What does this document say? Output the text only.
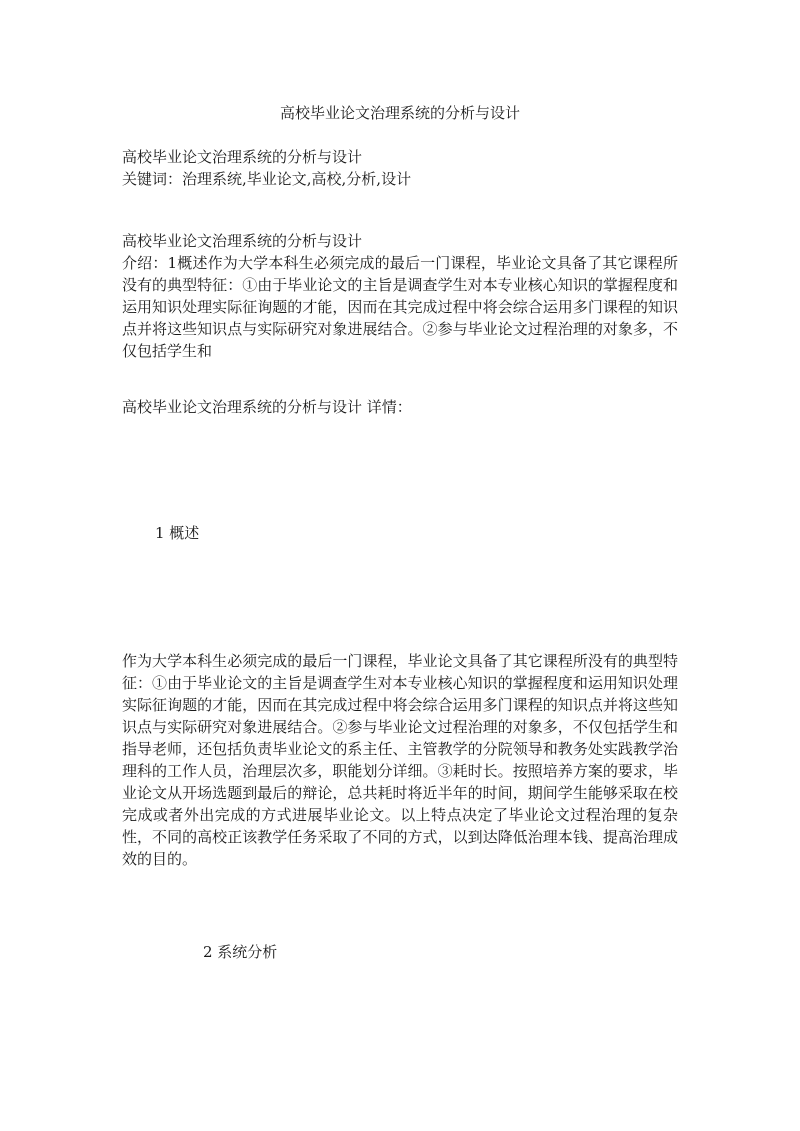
高校毕业论文治理系统的分析与设计
高校毕业论文治理系统的分析与设计
关键词：治理系统,毕业论文,高校,分析,设计
高校毕业论文治理系统的分析与设计
介绍：1概述作为大学本科生必须完成的最后一门课程，毕业论文具备了其它课程所没有的典型特征：①由于毕业论文的主旨是调查学生对本专业核心知识的掌握程度和运用知识处理实际征询题的才能，因而在其完成过程中将会综合运用多门课程的知识点并将这些知识点与实际研究对象进展结合。②参与毕业论文过程治理的对象多，不仅包括学生和
高校毕业论文治理系统的分析与设计 详情：
1 概述
作为大学本科生必须完成的最后一门课程，毕业论文具备了其它课程所没有的典型特征：①由于毕业论文的主旨是调查学生对本专业核心知识的掌握程度和运用知识处理实际征询题的才能，因而在其完成过程中将会综合运用多门课程的知识点并将这些知识点与实际研究对象进展结合。②参与毕业论文过程治理的对象多，不仅包括学生和指导老师，还包括负责毕业论文的系主任、主管教学的分院领导和教务处实践教学治理科的工作人员，治理层次多，职能划分详细。③耗时长。按照培养方案的要求，毕业论文从开场选题到最后的辩论，总共耗时将近半年的时间，期间学生能够采取在校完成或者外出完成的方式进展毕业论文。以上特点决定了毕业论文过程治理的复杂性，不同的高校正该教学任务采取了不同的方式，以到达降低治理本钱、提高治理成效的目的。
2 系统分析
